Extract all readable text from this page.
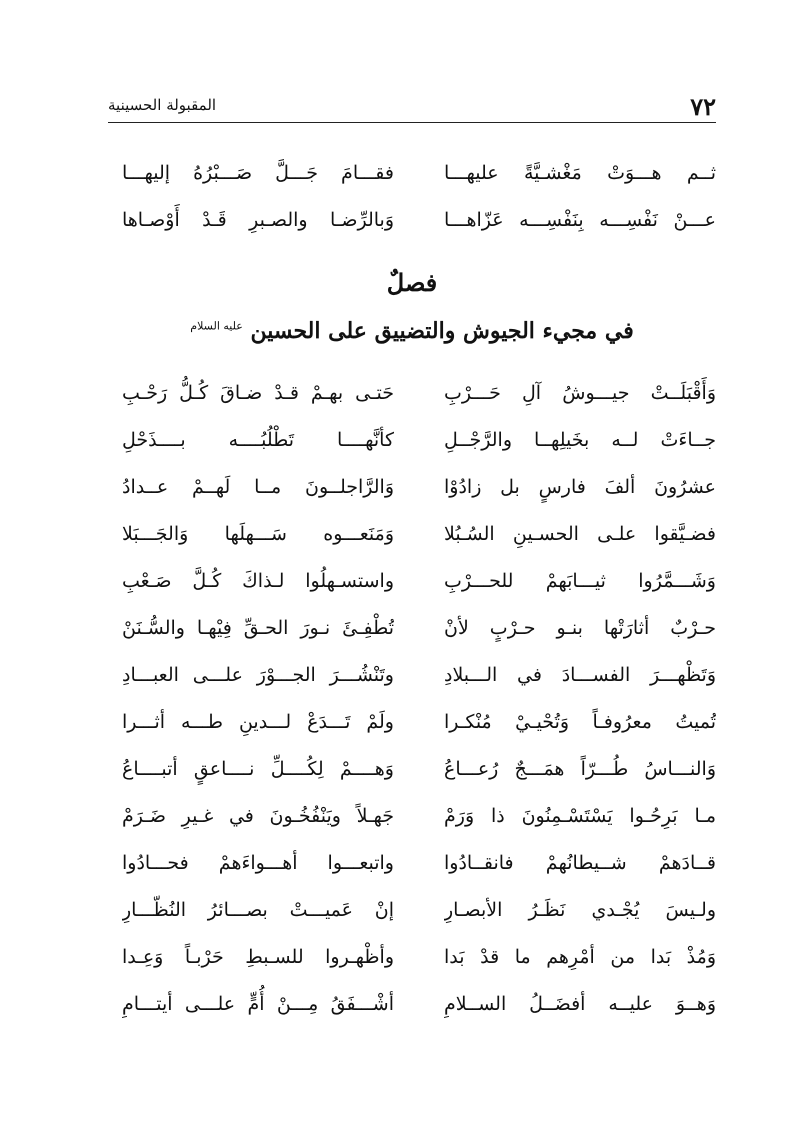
٧٢
المقبولة الحسينية
ثــم هـــوَتْ مَغْشـيَّةً عليهـــا
فقـــامَ جَـــلَّ صَـــبْرُهُ إليهـــا
عـــنْ نَفْسِـــه بِنَفْسِـــه عَزّاهـــا
وَبالرِّضـا والصـبرِ قَـدْ أَوْصـاها
فصلٌ
في مجيء الجيوش والتضييق على الحسين $^{عليه السلام}$
وَأَقْبَلَــتْ جيـــوشُ آلِ حَـــرْبِ
حَتـى بهـمْ قـدْ ضـاقَ كُـلُّ رَحْـبِ
جــاءَتْ لــه بخَيلِهــا والرَّجْــلِ
كأنَّهــــا تَطْلُبُــــه بــــذَحْلِ
عشرُونَ ألفَ فارسٍ بل زادُوْا
وَالرَّاجلــونَ مــا لَهــمْ عــدادُ
فضـيَّقوا علـى الحسـينِ السُـبُلا
وَمَنَعـــوه سَـــهلَها وَالجَـــبَلا
وَشَـــمَّرُوا ثيـــابَهمْ للحـــرْبِ
واستسـهلُوا لـذاكَ كُـلَّ صَـعْبِ
حـرْبٌ أثارَتْها بنـو حـرْبٍ لأنْ
تُطْفِـئَ نـورَ الحـقِّ فِيْهـا والسُّـنَنْ
وَتَظْهـــرَ الفســـادَ في الـــبلادِ
وتَنْشُـــرَ الجـــوْرَ علـــى العبـــادِ
تُميتُ معرُوفـاً وَتُحْيـيْ مُنْكـرا
ولَمْ تَـــدَعْ لـــدينِ طـــه أثـــرا
وَالنـــاسُ طُـــرّاً همَـــجٌ رُعـــاعُ
وَهــــمْ لِكُــــلِّ نــــاعقٍ أتبــــاعُ
مـا بَرِحُـوا يَسْتَسْـمِنُونَ ذا وَرَمْ
جَهـلاً ويَنْفُخُـونَ في غـيرِ ضَـرَمْ
قــادَهمْ شــيطانُهمْ فانقــادُوا
واتبعـــوا أهـــواءَهمْ فحـــادُوا
ولـيسَ يُجْـدي نَظَـرُ الأبصـارِ
إنْ عَميـــتْ بصـــائرُ النُظّـــارِ
وَمُذْ بَدا من أمْرِهم ما قدْ بَدا
وأظْهـروا للسـبطِ حَرْبـاً وَعِـدا
وَهــوَ عليــه أفضَــلُ الســلامِ
أشْـــفَقُ مِـــنْ أُمٍّ علـــى أيتـــامِ
